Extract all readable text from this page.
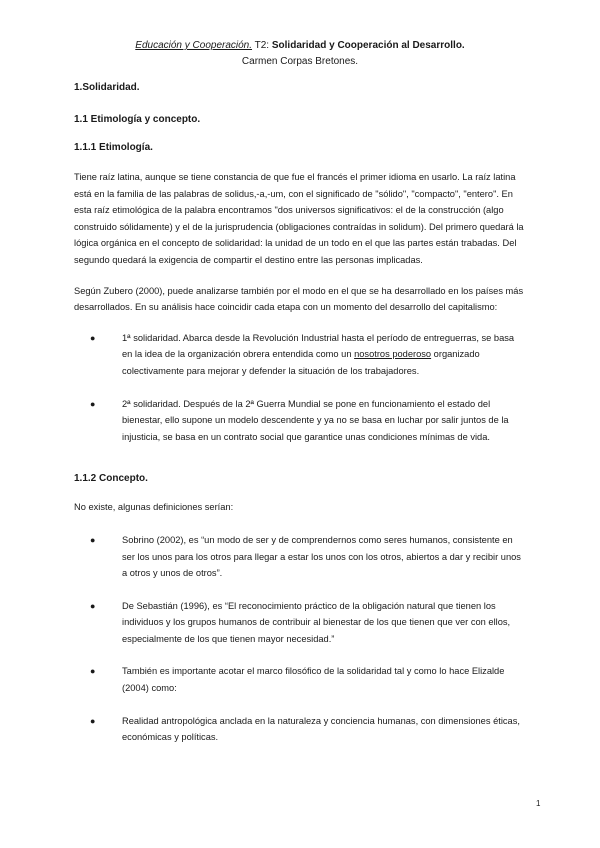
Educación y Cooperación. T2: Solidaridad y Cooperación al Desarrollo.
Carmen Corpas Bretones.
1.Solidaridad.
1.1 Etimología y concepto.
1.1.1 Etimología.

Tiene raíz latina, aunque se tiene constancia de que fue el francés el primer idioma en usarlo. La raíz latina está en la familia de las palabras de solidus,-a,-um, con el significado de "sólido", "compacto", "entero". En esta raíz etimológica de la palabra encontramos "dos universos significativos: el de la construcción (algo construido sólidamente) y el de la jurisprudencia (obligaciones contraídas in solidum). Del primero quedará la lógica orgánica en el concepto de solidaridad: la unidad de un todo en el que las partes están trabadas. Del segundo quedará la exigencia de compartir el destino entre las personas implicadas.

Según Zubero (2000), puede analizarse también por el modo en el que se ha desarrollado en los países más desarrollados. En su análisis hace coincidir cada etapa con un momento del desarrollo del capitalismo:

●	1ª solidaridad. Abarca desde la Revolución Industrial hasta el período de entreguerras, se basa en la idea de la organización obrera entendida como un nosotros poderoso organizado colectivamente para mejorar y defender la situación de los trabajadores.
●	2ª solidaridad. Después de la 2ª Guerra Mundial se pone en funcionamiento el estado del bienestar, ello supone un modelo descendente y ya no se basa en luchar por salir juntos de la injusticia, se basa en un contrato social que garantice unas condiciones mínimas de vida.
1.1.2 Concepto.

No existe, algunas definiciones serían:

●	Sobrino (2002), es “un modo de ser y de comprendernos como seres humanos, consistente en ser los unos para los otros para llegar a estar los unos con los otros, abiertos a dar y recibir unos a otros y unos de otros”.
●	De Sebastián (1996), es “El reconocimiento práctico de la obligación natural que tienen los individuos y los grupos humanos de contribuir al bienestar de los que tienen que ver con ellos, especialmente de los que tienen mayor necesidad.”
●	También es importante acotar el marco filosófico de la solidaridad tal y como lo hace Elizalde (2004) como:
●	Realidad antropológica anclada en la naturaleza y conciencia humanas, con dimensiones éticas, económicas y políticas.
1
